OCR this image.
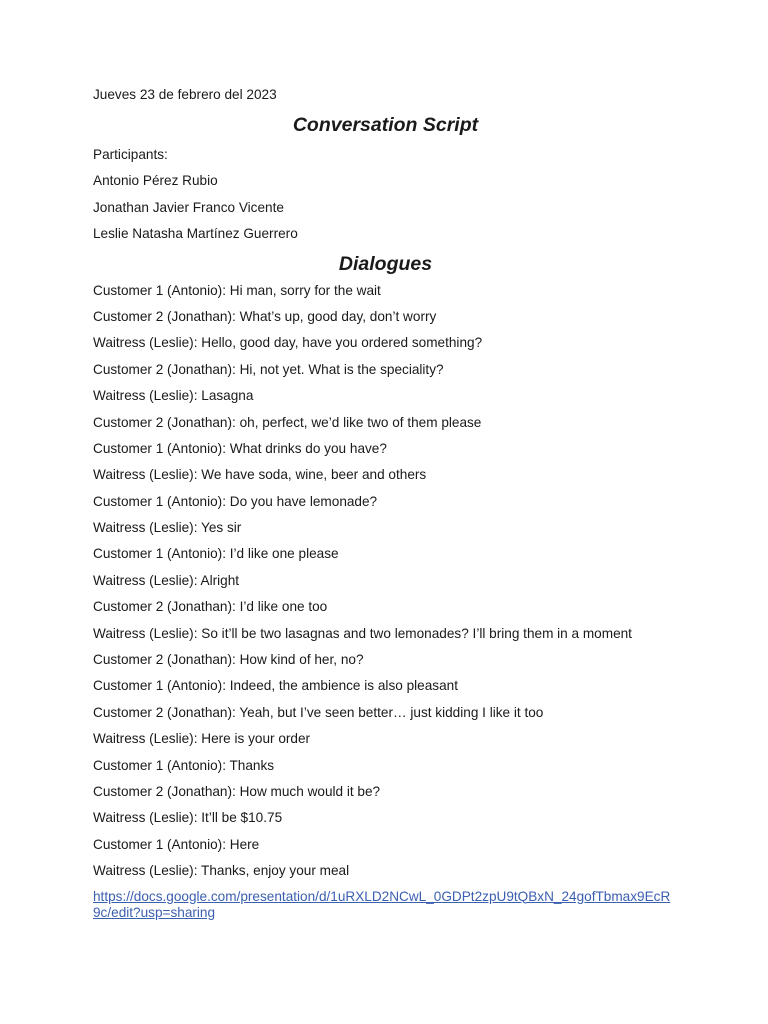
Jueves 23 de febrero del 2023

Conversation Script

Participants:

Antonio Pérez Rubio

Jonathan Javier Franco Vicente

Leslie Natasha Martínez Guerrero

Dialogues

Customer 1 (Antonio): Hi man, sorry for the wait
Customer 2 (Jonathan): What’s up, good day, don’t worry
Waitress (Leslie): Hello, good day, have you ordered something?
Customer 2 (Jonathan): Hi, not yet. What is the speciality?
Waitress (Leslie): Lasagna
Customer 2 (Jonathan): oh, perfect, we’d like two of them please
Customer 1 (Antonio): What drinks do you have?
Waitress (Leslie): We have soda, wine, beer and others
Customer 1 (Antonio): Do you have lemonade?
Waitress (Leslie): Yes sir
Customer 1 (Antonio): I’d like one please
Waitress (Leslie): Alright
Customer 2 (Jonathan): I’d like one too
Waitress (Leslie): So it’ll be two lasagnas and two lemonades? I’ll bring them in a moment
Customer 2 (Jonathan): How kind of her, no?
Customer 1 (Antonio): Indeed, the ambience is also pleasant
Customer 2 (Jonathan): Yeah, but I’ve seen better… just kidding I like it too
Waitress (Leslie): Here is your order
Customer 1 (Antonio): Thanks
Customer 2 (Jonathan): How much would it be?
Waitress (Leslie): It’ll be $10.75
Customer 1 (Antonio): Here
Waitress (Leslie): Thanks, enjoy your meal
https://docs.google.com/presentation/d/1uRXLD2NCwL_0GDPt2zpU9tQBxN_24gofTbmax9EcR9c/edit?usp=sharing
